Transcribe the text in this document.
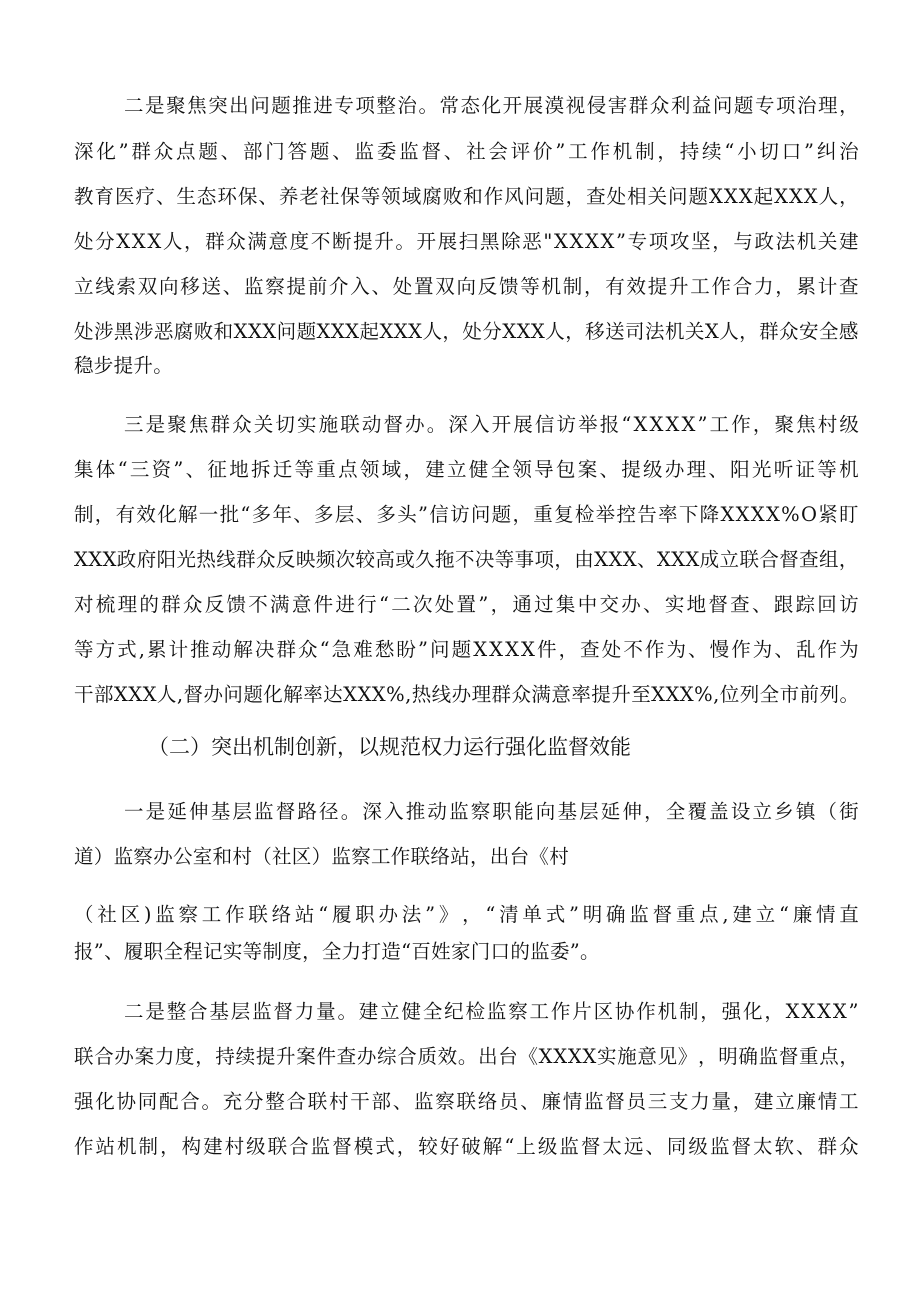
二 是 聚 焦 突 出 问 题 推 进 专 项 整 治 。 常 态 化 开 展 漠 视 侵 害 群 众 利 益 问 题 专 项 治 理 ，
深 化 ” 群 众 点 题 、 部 门 答 题 、 监 委 监 督 、 社 会 评 价 ” 工 作 机 制 ， 持 续 “ 小 切 口 ” 纠 治
教 育 医 疗 、 生 态 环 保 、 养 老 社 保 等 领 域 腐 败 和 作 风 问 题 ， 查 处 相 关 问 题 X X X 起 X X X 人 ，
处 分 X X X 人 ， 群 众 满 意 度 不 断 提 升 。 开 展 扫 黑 除 恶 " X X X X ” 专 项 攻 坚 ， 与 政 法 机 关 建
立 线 索 双 向 移 送 、 监 察 提 前 介 入 、 处 置 双 向 反 馈 等 机 制 ， 有 效 提 升 工 作 合 力 ， 累 计 查
处 涉 黑 涉 恶 腐 败 和 X X X 问 题 X X X 起 X X X 人 ， 处 分 X X X 人 ， 移 送 司 法 机 关 X 人 ， 群 众 安 全 感
稳步提升。
三 是 聚 焦 群 众 关 切 实 施 联 动 督 办 。 深 入 开 展 信 访 举 报 “ X X X X ” 工 作 ， 聚 焦 村 级
集 体 “ 三 资 ” 、 征 地 拆 迁 等 重 点 领 域 ， 建 立 健 全 领 导 包 案 、 提 级 办 理 、 阳 光 听 证 等 机
制 ， 有 效 化 解 一 批 “ 多 年 、 多 层 、 多 头 ” 信 访 问 题 ， 重 复 检 举 控 告 率 下 降 X X X X % O 紧 盯
X X X 政 府 阳 光 热 线 群 众 反 映 频 次 较 高 或 久 拖 不 决 等 事 项 ， 由 X X X 、 X X X 成 立 联 合 督 查 组 ，
对 梳 理 的 群 众 反 馈 不 满 意 件 进 行 “ 二 次 处 置 ” ， 通 过 集 中 交 办 、 实 地 督 查 、 跟 踪 回 访
等 方 式 , 累 计 推 动 解 决 群 众 “ 急 难 愁 盼 ” 问 题 X X X X 件 ， 查 处 不 作 为 、 慢 作 为 、 乱 作 为
干 部 X X X 人 , 督 办 问 题 化 解 率 达 X X X % , 热 线 办 理 群 众 满 意 率 提 升 至 X X X % , 位 列 全 市 前 列 。
（二）突出机制创新，以规范权力运行强化监督效能
一 是 延 伸 基 层 监 督 路 径 。 深 入 推 动 监 察 职 能 向 基 层 延 伸 ， 全 覆 盖 设 立 乡 镇 （ 街
道）监察办公室和村（社区）监察工作联络站，出台《村
（ 社 区 ) 监 察 工 作 联 络 站 “ 履 职 办 法 ” 》 ， “ 清 单 式 ” 明 确 监 督 重 点 , 建 立 “ 廉 情 直
报”、履职全程记实等制度，全力打造“百姓家门口的监委”。
二 是 整 合 基 层 监 督 力 量 。 建 立 健 全 纪 检 监 察 工 作 片 区 协 作 机 制 ， 强 化 ， X X X X ”
联 合 办 案 力 度 ， 持 续 提 升 案 件 查 办 综 合 质 效 。 出 台 《 X X X X 实 施 意 见 》 ， 明 确 监 督 重 点 ，
强 化 协 同 配 合 。 充 分 整 合 联 村 干 部 、 监 察 联 络 员 、 廉 情 监 督 员 三 支 力 量 ， 建 立 廉 情 工
作 站 机 制 ， 构 建 村 级 联 合 监 督 模 式 ， 较 好 破 解 “ 上 级 监 督 太 远 、 同 级 监 督 太 软 、 群 众
